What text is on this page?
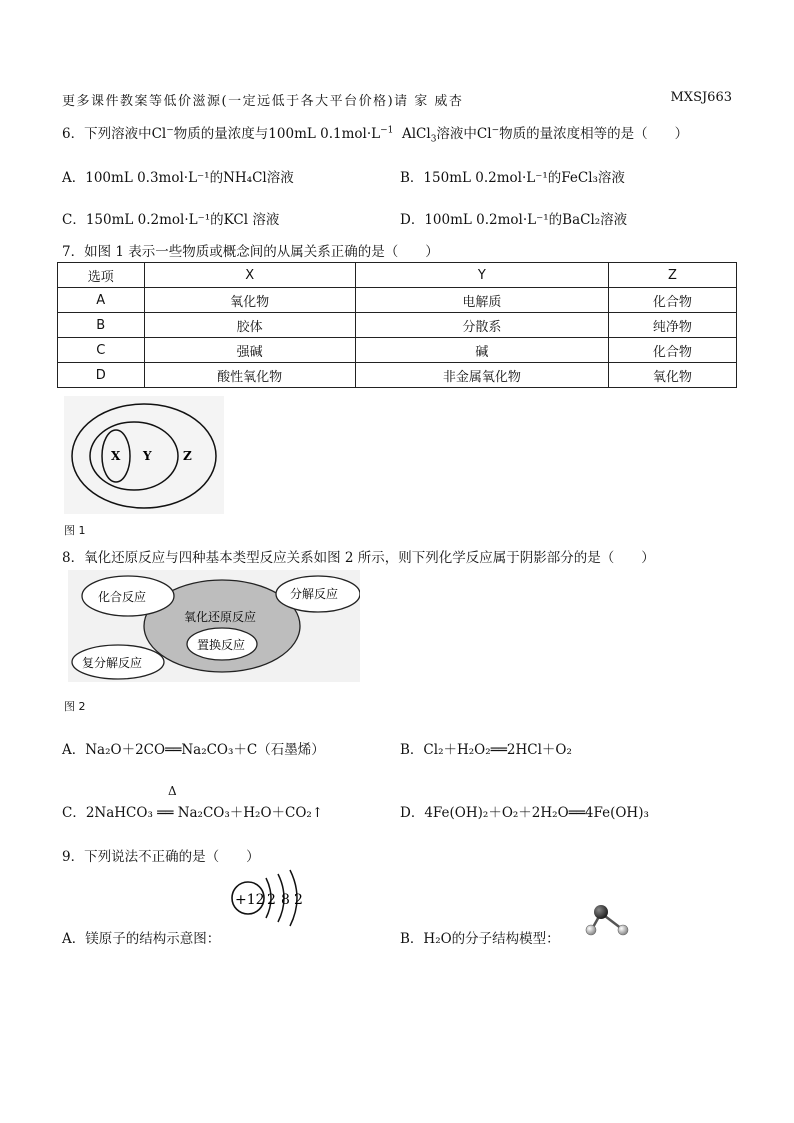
更多课件教案等低价滋源(一定远低于各大平台价格)请 家 威杏	MXSJ663
6．下列溶液中Cl−物质的量浓度与100mL $0.1mol\cdot L^{-1}$ AlCl$_3$溶液中Cl−物质的量浓度相等的是（　　）
A．100mL 0.3mol·L⁻¹的NH₄Cl溶液	B．150mL 0.2mol·L⁻¹的FeCl₃溶液
C．150mL 0.2mol·L⁻¹的KCl 溶液	D．100mL 0.2mol·L⁻¹的BaCl₂溶液
7．如图 1 表示一些物质或概念间的从属关系正确的是（　　）
选项	X	Y	Z
A	氧化物	电解质	化合物
B	胶体	分散系	纯净物
C	强碱	碱	化合物
D	酸性氧化物	非金属氧化物	氧化物
X Y	Z
图 1
8．氧化还原反应与四种基本类型反应关系如图 2 所示，则下列化学反应属于阴影部分的是（　　）
化合反应	分解反应
氧化还原反应
置换反应
复分解反应
图 2
A．Na₂O＋2CO══Na₂CO₃＋C（石墨烯）	B．Cl₂＋H₂O₂══2HCl＋O₂
C．2NaHCO₃ ══ Na₂CO₃＋H₂O＋CO₂↑
Δ
D．4Fe(OH)₂＋O₂＋2H₂O══4Fe(OH)₃
9．下列说法不正确的是（　　）
A．镁原子的结构示意图：
+12 2 8 2
B．H₂O的分子结构模型：
